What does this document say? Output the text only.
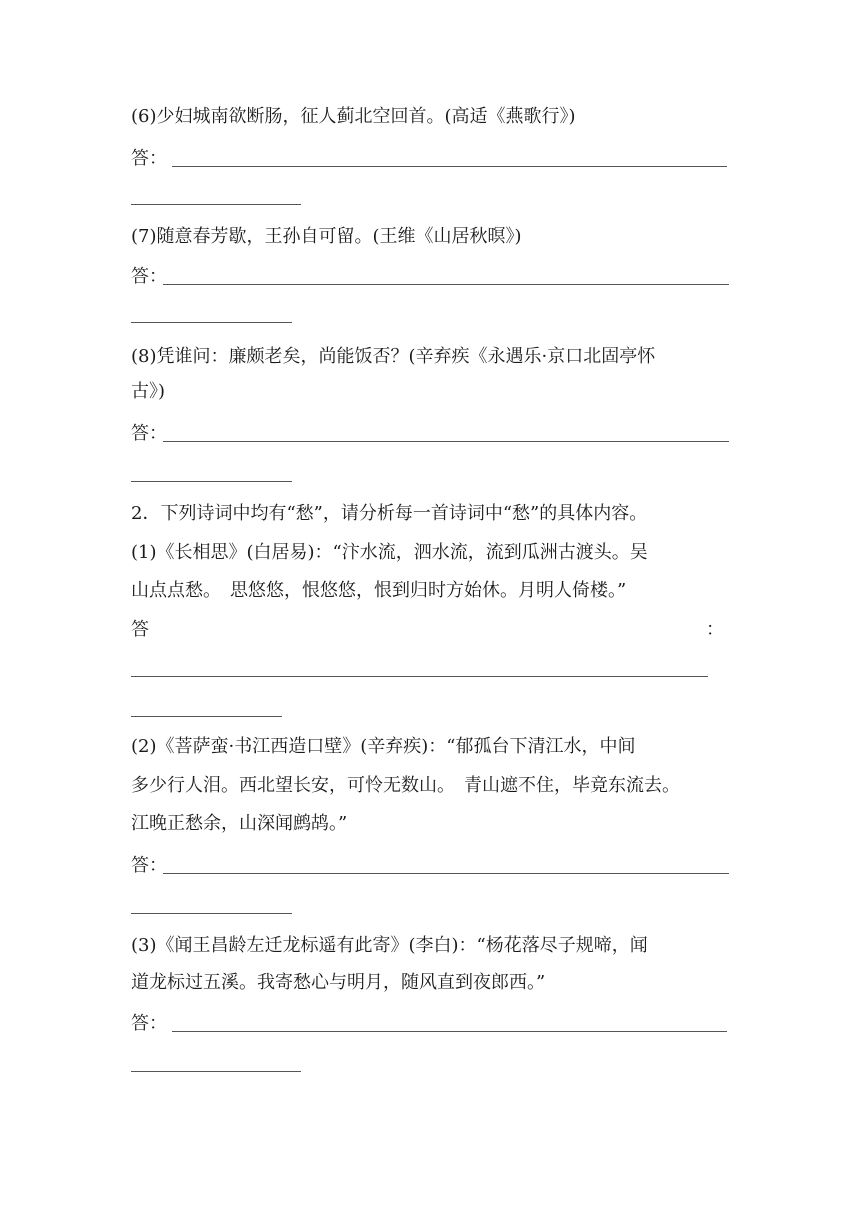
(6)少妇城南欲断肠，征人蓟北空回首。(高适《燕歌行》)

答：

(7)随意春芳歇，王孙自可留。(王维《山居秋暝》)

答：

(8)凭谁问：廉颇老矣，尚能饭否？(辛弃疾《永遇乐·京口北固亭怀

古》)

答：

2．下列诗词中均有“愁”，请分析每一首诗词中“愁”的具体内容。

(1)《长相思》(白居易)：“汴水流，泗水流，流到瓜洲古渡头。吴

山点点愁。　思悠悠，恨悠悠，恨到归时方始休。月明人倚楼。”

答	：

(2)《菩萨蛮·书江西造口壁》(辛弃疾)：“郁孤台下清江水，中间

多少行人泪。西北望长安，可怜无数山。　青山遮不住，毕竟东流去。

江晚正愁余，山深闻鹧鸪。”

答：

(3)《闻王昌龄左迁龙标遥有此寄》(李白)：“杨花落尽子规啼，闻

道龙标过五溪。我寄愁心与明月，随风直到夜郎西。”

答：
